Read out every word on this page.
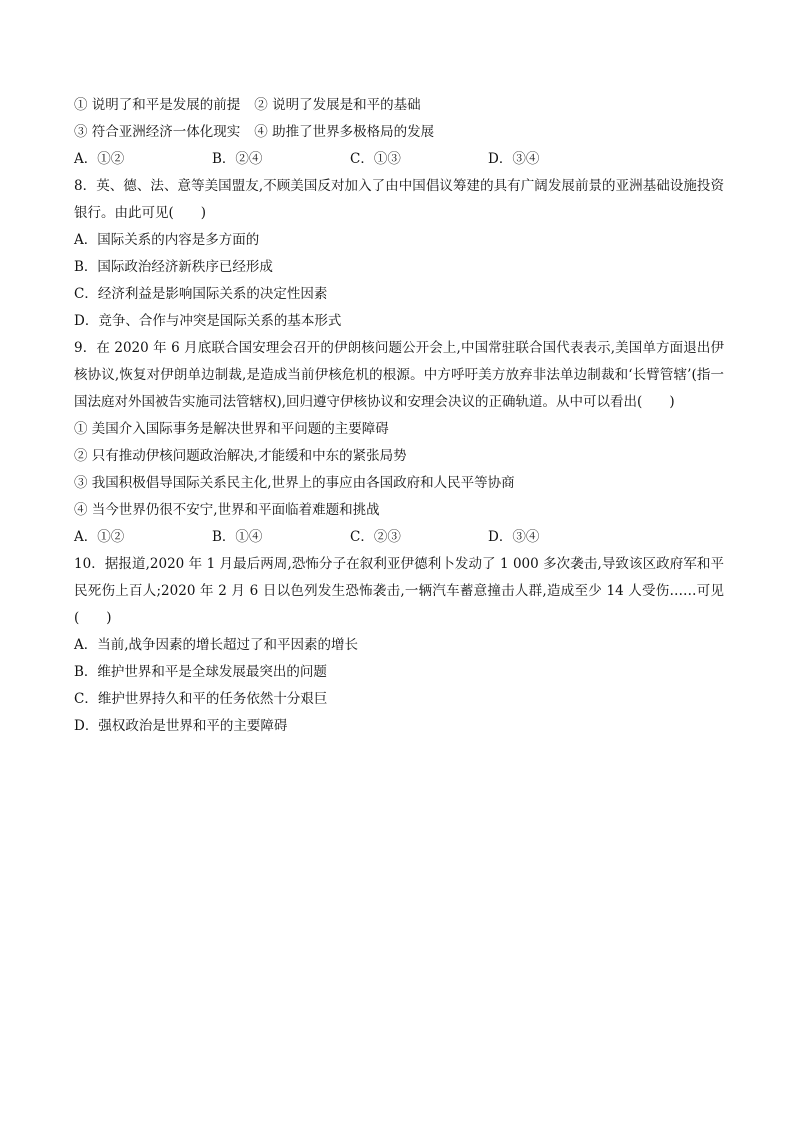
① 说明了和平是发展的前提 ② 说明了发展是和平的基础
③ 符合亚洲经济一体化现实 ④ 助推了世界多极格局的发展
A．①②	B．②④	C．①③	D．③④
8．英、德、法、意等美国盟友,不顾美国反对加入了由中国倡议筹建的具有广阔发展前景的亚洲基础设施投资银行。由此可见(　　)
A．国际关系的内容是多方面的
B．国际政治经济新秩序已经形成
C．经济利益是影响国际关系的决定性因素
D．竞争、合作与冲突是国际关系的基本形式
9．在 2020 年 6 月底联合国安理会召开的伊朗核问题公开会上,中国常驻联合国代表表示,美国单方面退出伊核协议,恢复对伊朗单边制裁,是造成当前伊核危机的根源。中方呼吁美方放弃非法单边制裁和‘长臂管辖’(指一国法庭对外国被告实施司法管辖权),回归遵守伊核协议和安理会决议的正确轨道。从中可以看出(　　)
① 美国介入国际事务是解决世界和平问题的主要障碍
② 只有推动伊核问题政治解决,才能缓和中东的紧张局势
③ 我国积极倡导国际关系民主化,世界上的事应由各国政府和人民平等协商
④ 当今世界仍很不安宁,世界和平面临着难题和挑战
A．①②	B．①④	C．②③	D．③④
10．据报道,2020 年 1 月最后两周,恐怖分子在叙利亚伊德利卜发动了 1 000 多次袭击,导致该区政府军和平民死伤上百人;2020 年 2 月 6 日以色列发生恐怖袭击,一辆汽车蓄意撞击人群,造成至少 14 人受伤……可见(　　)
A．当前,战争因素的增长超过了和平因素的增长
B．维护世界和平是全球发展最突出的问题
C．维护世界持久和平的任务依然十分艰巨
D．强权政治是世界和平的主要障碍
